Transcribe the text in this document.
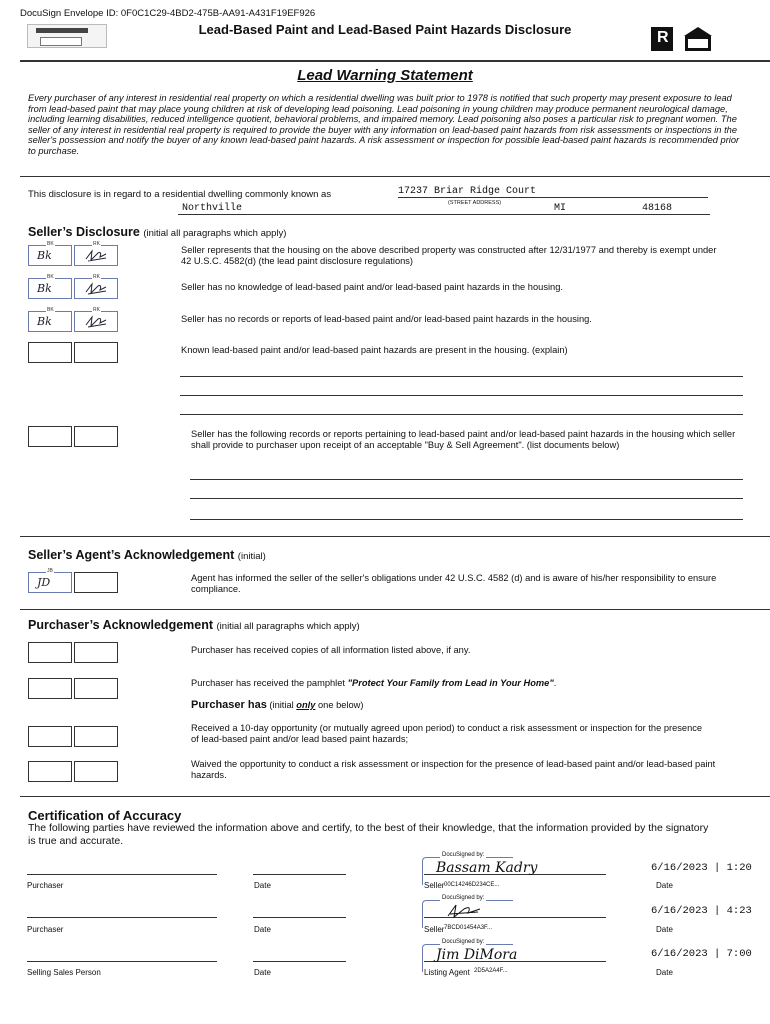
DocuSign Envelope ID: 0F0C1C29-4BD2-475B-AA91-A431F19EF926
Lead-Based Paint and Lead-Based Paint Hazards Disclosure	R
Lead Warning Statement
Every purchaser of any interest in residential real property on which a residential dwelling was built prior to 1978 is notified that such property may present exposure to lead from lead-based paint that may place young children at risk of developing lead poisoning. Lead poisoning in young children may produce permanent neurological damage, including learning disabilities, reduced intelligence quotient, behavioral problems, and impaired memory. Lead poisoning also poses a particular risk to pregnant women. The seller of any interest in residential real property is required to provide the buyer with any information on lead-based paint hazards from risk assessments or inspections in the seller's possession and notify the buyer of any known lead-based paint hazards. A risk assessment or inspection for possible lead-based paint hazards is recommended prior to purchase.
This disclosure is in regard to a residential dwelling commonly known as	17237 Briar Ridge Court
(STREET ADDRESS)
Northville	MI	48168
Seller’s Disclosure (initial all paragraphs which apply)
BK
Bk
RK
Seller represents that the housing on the above described property was constructed after 12/31/1977 and thereby is exempt under 42 U.S.C. 4582(d) (the lead paint disclosure regulations)
BK
Bk
RK
Seller has no knowledge of lead-based paint and/or lead-based paint hazards in the housing.
BK
Bk
RK
Seller has no records or reports of lead-based paint and/or lead-based paint hazards in the housing.
Known lead-based paint and/or lead-based paint hazards are present in the housing. (explain)
Seller has the following records or reports pertaining to lead-based paint and/or lead-based paint hazards in the housing which seller shall provide to purchaser upon receipt of an acceptable "Buy & Sell Agreement". (list documents below)
Seller’s Agent’s Acknowledgement (initial)
JB
JD	Agent has informed the seller of the seller's obligations under 42 U.S.C. 4582 (d) and is aware of his/her responsibility to ensure compliance.
Purchaser’s Acknowledgement (initial all paragraphs which apply)
Purchaser has received copies of all information listed above, if any.
Purchaser has received the pamphlet "Protect Your Family from Lead in Your Home".
Purchaser has (initial only one below)
Received a 10-day opportunity (or mutually agreed upon period) to conduct a risk assessment or inspection for the presence of lead-based paint and/or lead based paint hazards;
Waived the opportunity to conduct a risk assessment or inspection for the presence of lead-based paint and/or lead-based paint hazards.
Certification of Accuracy
The following parties have reviewed the information above and certify, to the best of their knowledge, that the information provided by the signatory is true and accurate.
Purchaser	Date	Seller	Date
DocuSigned by:
Bassam Kadry
00C14246D234CE...
6/16/2023 | 1:20
Purchaser	Date	Seller	Date
DocuSigned by:
7BCD01454A3F...
6/16/2023 | 4:23
Selling Sales Person	Date	Listing Agent	Date
DocuSigned by:
Jim DiMora
2D5A2A4F...
6/16/2023 | 7:00
